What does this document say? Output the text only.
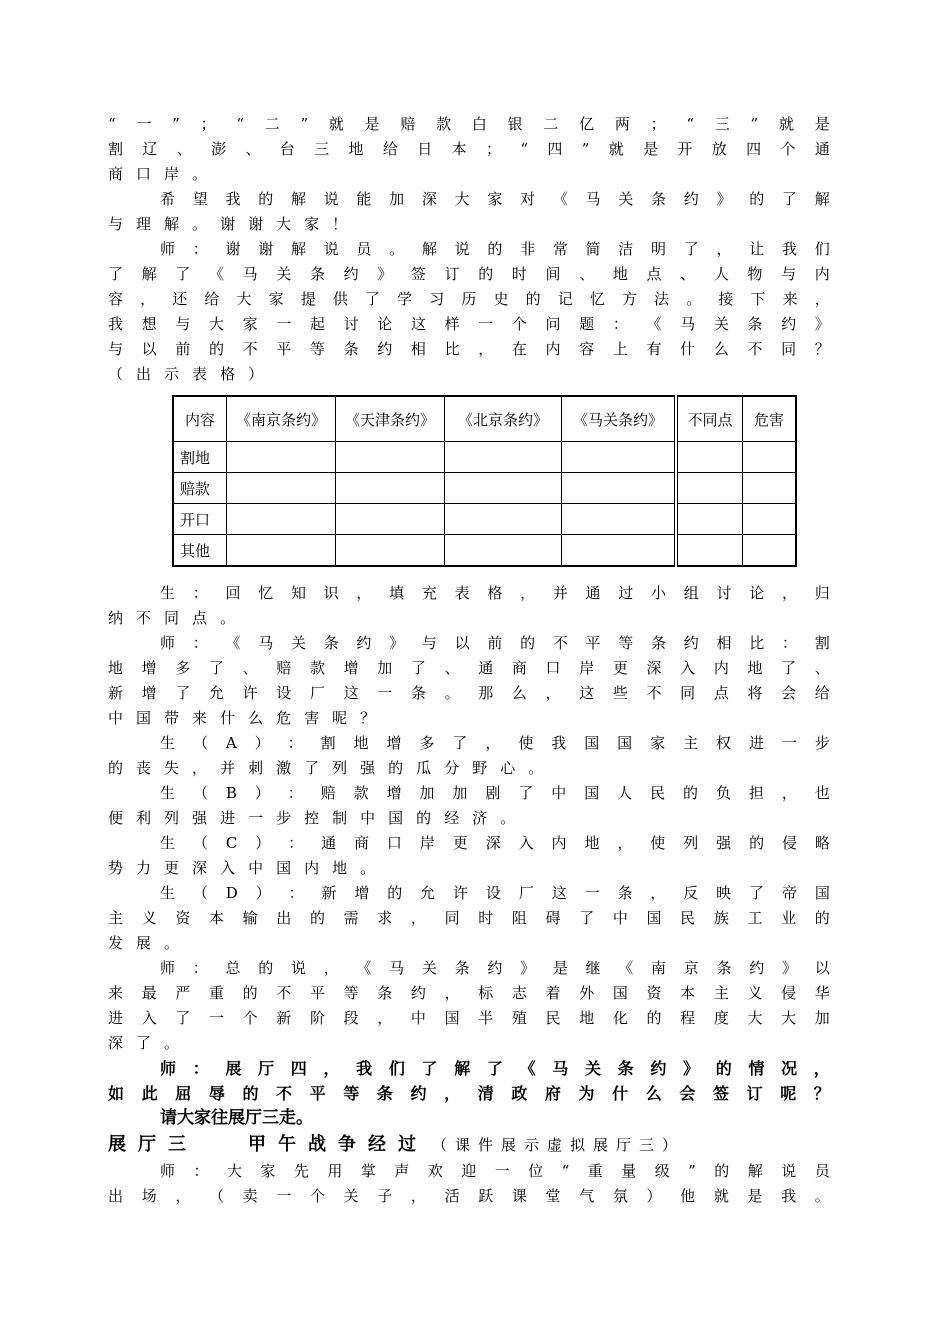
“ 一 ” ； “ 二 ” 就 是 赔 款 白 银 二 亿 两 ； “ 三 ” 就 是
割 辽 、 澎 、 台 三 地 给 日 本 ； “ 四 ” 就 是 开 放 四 个 通
商 口 岸 。
希 望 我 的 解 说 能 加 深 大 家 对 《 马 关 条 约 》 的 了 解
与 理 解 。 谢 谢 大 家 ！
师 ： 谢 谢 解 说 员 。 解 说 的 非 常 简 洁 明 了 ， 让 我 们
了 解 了 《 马 关 条 约 》 签 订 的 时 间 、 地 点 、 人 物 与 内
容 ， 还 给 大 家 提 供 了 学 习 历 史 的 记 忆 方 法 。 接 下 来 ，
我 想 与 大 家 一 起 讨 论 这 样 一 个 问 题 ： 《 马 关 条 约 》
与 以 前 的 不 平 等 条 约 相 比 ， 在 内 容 上 有 什 么 不 同 ？
（ 出 示 表 格 ）
内容	《南京条约》	《天津条约》	《北京条约》	《马关条约》	不同点	危害
割地						
赔款						
开口						
其他						
生 ： 回 忆 知 识 ， 填 充 表 格 ， 并 通 过 小 组 讨 论 ， 归
纳 不 同 点 。
师 ： 《 马 关 条 约 》 与 以 前 的 不 平 等 条 约 相 比 ： 割
地 增 多 了 、 赔 款 增 加 了 、 通 商 口 岸 更 深 入 内 地 了 、
新 增 了 允 许 设 厂 这 一 条 。 那 么 ， 这 些 不 同 点 将 会 给
中 国 带 来 什 么 危 害 呢 ？
生 （ A ） ： 割 地 增 多 了 ， 使 我 国 国 家 主 权 进 一 步
的 丧 失 ， 并 刺 激 了 列 强 的 瓜 分 野 心 。
生 （ B ） ： 赔 款 增 加 加 剧 了 中 国 人 民 的 负 担 ， 也
便 利 列 强 进 一 步 控 制 中 国 的 经 济 。
生 （ C ） ： 通 商 口 岸 更 深 入 内 地 ， 使 列 强 的 侵 略
势 力 更 深 入 中 国 内 地 。
生 （ D ） ： 新 增 的 允 许 设 厂 这 一 条 ， 反 映 了 帝 国
主 义 资 本 输 出 的 需 求 ， 同 时 阻 碍 了 中 国 民 族 工 业 的
发 展 。
师 ： 总 的 说 ， 《 马 关 条 约 》 是 继 《 南 京 条 约 》 以
来 最 严 重 的 不 平 等 条 约 ， 标 志 着 外 国 资 本 主 义 侵 华
进 入 了 一 个 新 阶 段 ， 中 国 半 殖 民 地 化 的 程 度 大 大 加
深 了 。
师 ： 展 厅 四 ， 我 们 了 解 了 《 马 关 条 约 》 的 情 况 ，
如 此 屈 辱 的 不 平 等 条 约 ， 清 政 府 为 什 么 会 签 订 呢 ？
请大家往展厅三走。
展厅三	甲午战争经过 （课件展示虚拟展厅三）
师 ： 大 家 先 用 掌 声 欢 迎 一 位 “ 重 量 级 ” 的 解 说 员
出 场 ， （ 卖 一 个 关 子 ， 活 跃 课 堂 气 氛 ） 他 就 是 我 。
